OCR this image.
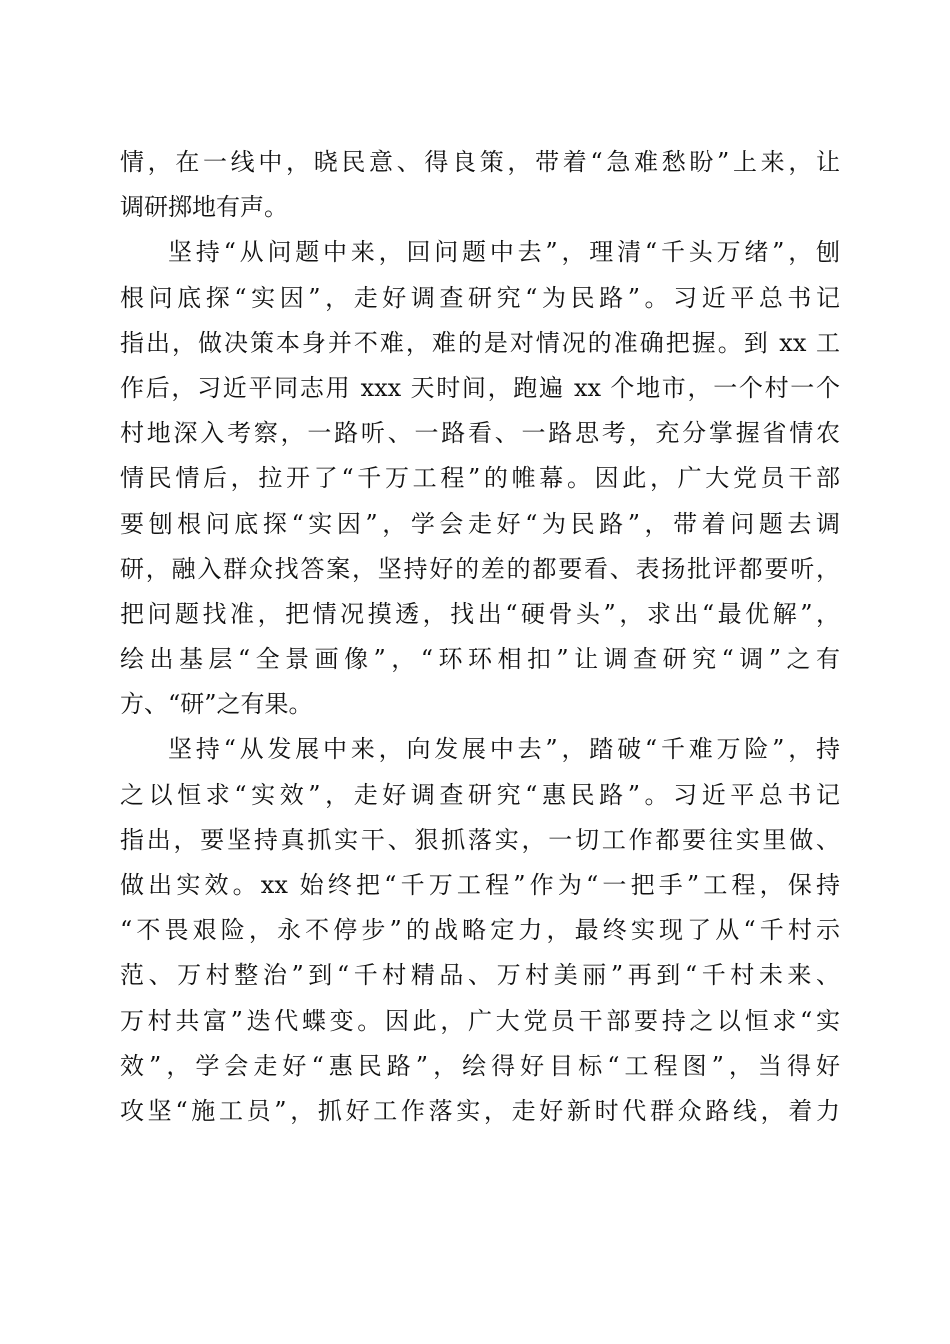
情，在一线中，晓民意、得良策，带着“急难愁盼”上来，让
调研掷地有声。
坚持“从问题中来，回问题中去”，理清“千头万绪”，刨
根问底探“实因”，走好调查研究“为民路”。习近平总书记
指出，做决策本身并不难，难的是对情况的准确把握。到 xx 工
作后，习近平同志用 xxx 天时间，跑遍 xx 个地市，一个村一个
村地深入考察，一路听、一路看、一路思考，充分掌握省情农
情民情后，拉开了“千万工程”的帷幕。因此，广大党员干部
要刨根问底探“实因”，学会走好“为民路”，带着问题去调
研，融入群众找答案，坚持好的差的都要看、表扬批评都要听，
把问题找准，把情况摸透，找出“硬骨头”，求出“最优解”，
绘出基层“全景画像”，“环环相扣”让调查研究“调”之有
方、“研”之有果。
坚持“从发展中来，向发展中去”，踏破“千难万险”，持
之以恒求“实效”，走好调查研究“惠民路”。习近平总书记
指出，要坚持真抓实干、狠抓落实，一切工作都要往实里做、
做出实效。xx 始终把“千万工程”作为“一把手”工程，保持
“不畏艰险，永不停步”的战略定力，最终实现了从“千村示
范、万村整治”到“千村精品、万村美丽”再到“千村未来、
万村共富”迭代蝶变。因此，广大党员干部要持之以恒求“实
效”，学会走好“惠民路”，绘得好目标“工程图”，当得好
攻坚“施工员”，抓好工作落实，走好新时代群众路线，着力
